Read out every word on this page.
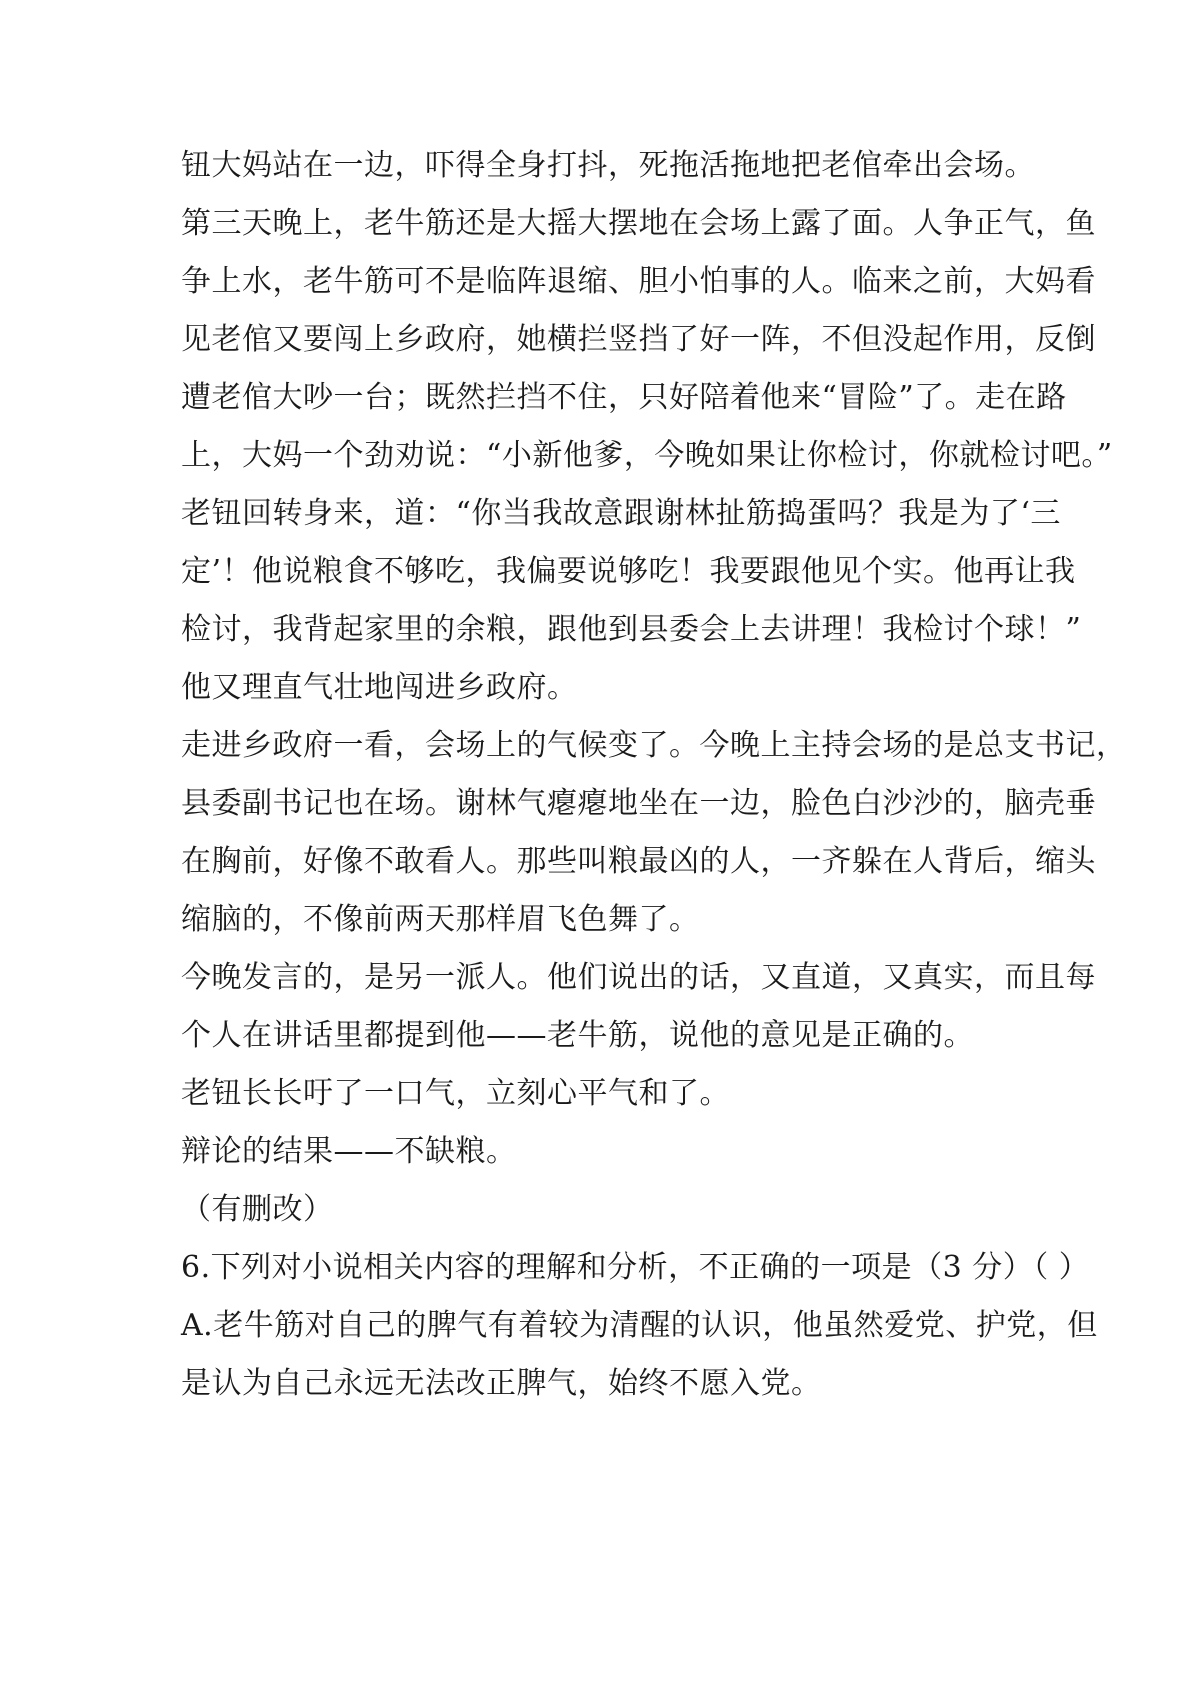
钮大妈站在一边，吓得全身打抖，死拖活拖地把老倌牵出会场。
第三天晚上，老牛筋还是大摇大摆地在会场上露了面。人争正气，鱼
争上水，老牛筋可不是临阵退缩、胆小怕事的人。临来之前，大妈看
见老倌又要闯上乡政府，她横拦竖挡了好一阵，不但没起作用，反倒
遭老倌大吵一台；既然拦挡不住，只好陪着他来“冒险”了。走在路
上，大妈一个劲劝说：“小新他爹，今晚如果让你检讨，你就检讨吧。”
老钮回转身来，道：“你当我故意跟谢林扯筋捣蛋吗？我是为了‘三
定’！他说粮食不够吃，我偏要说够吃！我要跟他见个实。他再让我
检讨，我背起家里的余粮，跟他到县委会上去讲理！我检讨个球！”
他又理直气壮地闯进乡政府。
走进乡政府一看，会场上的气候变了。今晚上主持会场的是总支书记，
县委副书记也在场。谢林气瘪瘪地坐在一边，脸色白沙沙的，脑壳垂
在胸前，好像不敢看人。那些叫粮最凶的人，一齐躲在人背后，缩头
缩脑的，不像前两天那样眉飞色舞了。
今晚发言的，是另一派人。他们说出的话，又直道，又真实，而且每
个人在讲话里都提到他——老牛筋，说他的意见是正确的。
老钮长长吁了一口气，立刻心平气和了。
辩论的结果——不缺粮。
（有删改）
6.下列对小说相关内容的理解和分析，不正确的一项是（3 分）（ ）
A.老牛筋对自己的脾气有着较为清醒的认识，他虽然爱党、护党，但
是认为自己永远无法改正脾气，始终不愿入党。
